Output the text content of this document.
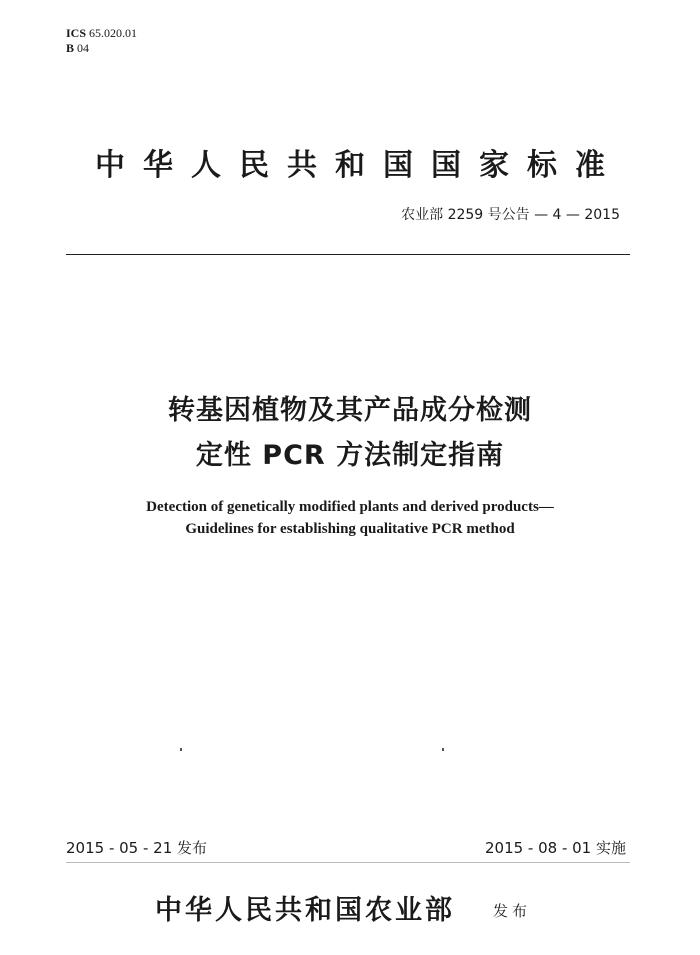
ICS 65.020.01
B 04
中华人民共和国国家标准
农业部 2259 号公告 — 4 — 2015
转基因植物及其产品成分检测
定性 PCR 方法制定指南
Detection of genetically modified plants and derived products—
Guidelines for establishing qualitative PCR method
2015 - 05 - 21 发布	2015 - 08 - 01 实施
中华人民共和国农业部	发布
